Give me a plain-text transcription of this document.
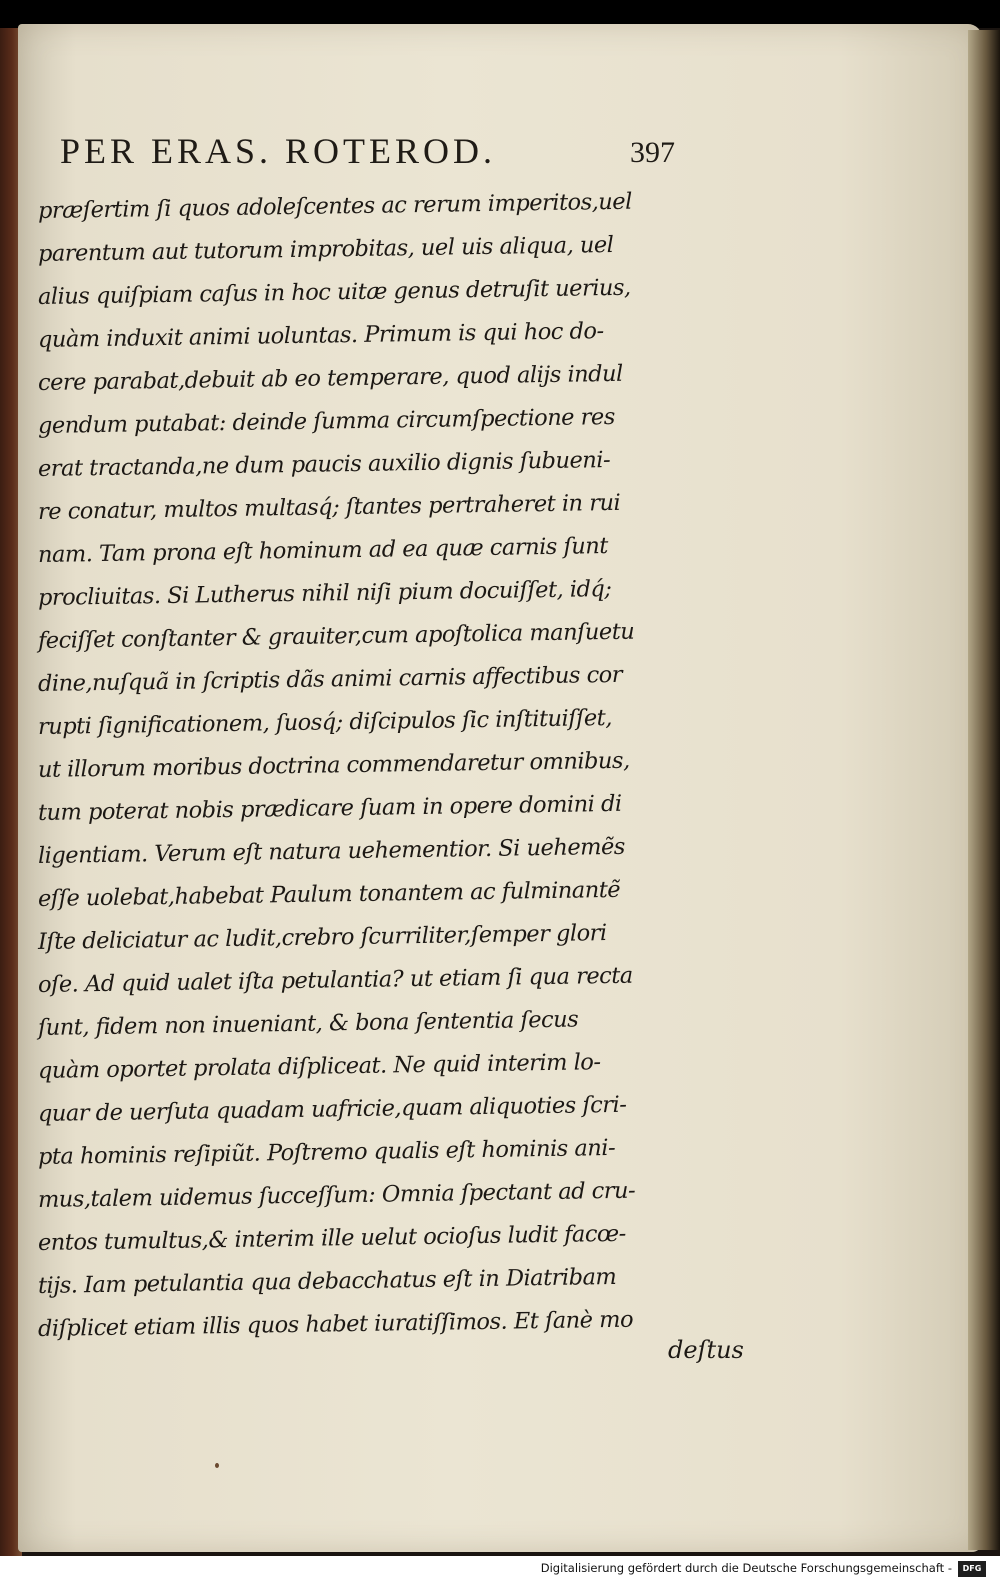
PER ERAS. ROTEROD.	397
præſertim ſi quos adoleſcentes ac rerum imperitos,uel
parentum aut tutorum improbitas, uel uis aliqua, uel
alius quiſpiam caſus in hoc uitæ genus detruſit uerius,
quàm induxit animi uoluntas. Primum is qui hoc do-
cere parabat,debuit ab eo temperare, quod alijs indul
gendum putabat: deinde ſumma circumſpectione res
erat tractanda,ne dum paucis auxilio dignis ſubueni-
re conatur, multos multasq́; ſtantes pertraheret in rui
nam. Tam prona eſt hominum ad ea quæ carnis ſunt
procliuitas. Si Lutherus nihil niſi pium docuiſſet, idq́;
feciſſet conſtanter & grauiter,cum apoſtolica manſuetu
dine,nuſquã in ſcriptis dãs animi carnis affectibus cor
rupti ſignificationem, ſuosq́; diſcipulos ſic inſtituiſſet,
ut illorum moribus doctrina commendaretur omnibus,
tum poterat nobis prædicare ſuam in opere domini di
ligentiam. Verum eſt natura uehementior. Si uehemẽs
eſſe uolebat,habebat Paulum tonantem ac fulminantẽ
Iſte deliciatur ac ludit,crebro ſcurriliter,ſemper glori
oſe. Ad quid ualet iſta petulantia? ut etiam ſi qua recta
ſunt, fidem non inueniant, & bona ſententia ſecus
quàm oportet prolata diſpliceat. Ne quid interim lo-
quar de uerſuta quadam uafricie,quam aliquoties ſcri-
pta hominis reſipiũt. Poſtremo qualis eſt hominis ani-
mus,talem uidemus ſucceſſum: Omnia ſpectant ad cru-
entos tumultus,& interim ille uelut ocioſus ludit facœ-
tijs. Iam petulantia qua debacchatus eſt in Diatribam
diſplicet etiam illis quos habet iuratiſſimos. Et ſanè mo
deſtus
Digitalisierung gefördert durch die Deutsche Forschungsgemeinschaft -	DFG
